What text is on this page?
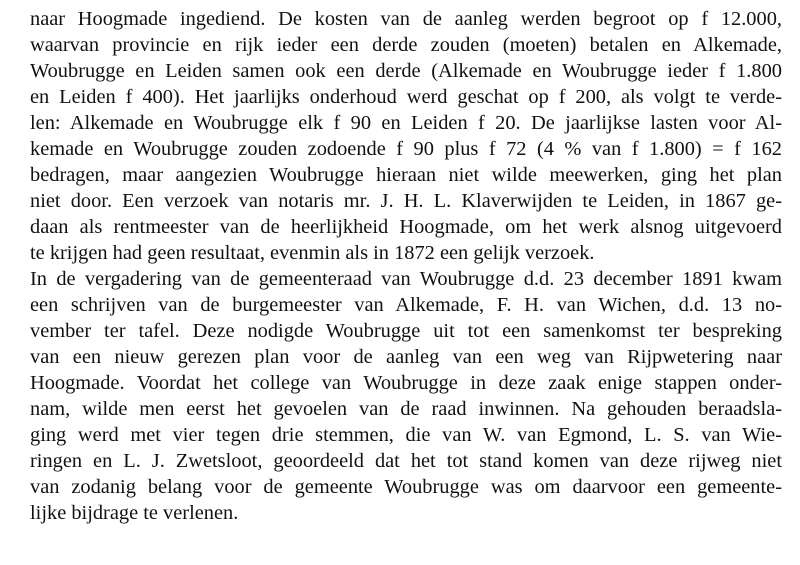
naar Hoogmade ingediend. De kosten van de aanleg werden begroot op f 12.000,
waarvan provincie en rijk ieder een derde zouden (moeten) betalen en Alkemade,
Woubrugge en Leiden samen ook een derde (Alkemade en Woubrugge ieder f 1.800
en Leiden f 400). Het jaarlijks onderhoud werd geschat op f 200, als volgt te verde-
len: Alkemade en Woubrugge elk f 90 en Leiden f 20. De jaarlijkse lasten voor Al-
kemade en Woubrugge zouden zodoende f 90 plus f 72 (4 % van f 1.800) = f 162
bedragen, maar aangezien Woubrugge hieraan niet wilde meewerken, ging het plan
niet door. Een verzoek van notaris mr. J. H. L. Klaverwijden te Leiden, in 1867 ge-
daan als rentmeester van de heerlijkheid Hoogmade, om het werk alsnog uitgevoerd
te krijgen had geen resultaat, evenmin als in 1872 een gelijk verzoek.
In de vergadering van de gemeenteraad van Woubrugge d.d. 23 december 1891 kwam
een schrijven van de burgemeester van Alkemade, F. H. van Wichen, d.d. 13 no-
vember ter tafel. Deze nodigde Woubrugge uit tot een samenkomst ter bespreking
van een nieuw gerezen plan voor de aanleg van een weg van Rijpwetering naar
Hoogmade. Voordat het college van Woubrugge in deze zaak enige stappen onder-
nam, wilde men eerst het gevoelen van de raad inwinnen. Na gehouden beraadsla-
ging werd met vier tegen drie stemmen, die van W. van Egmond, L. S. van Wie-
ringen en L. J. Zwetsloot, geoordeeld dat het tot stand komen van deze rijweg niet
van zodanig belang voor de gemeente Woubrugge was om daarvoor een gemeente-
lijke bijdrage te verlenen.
